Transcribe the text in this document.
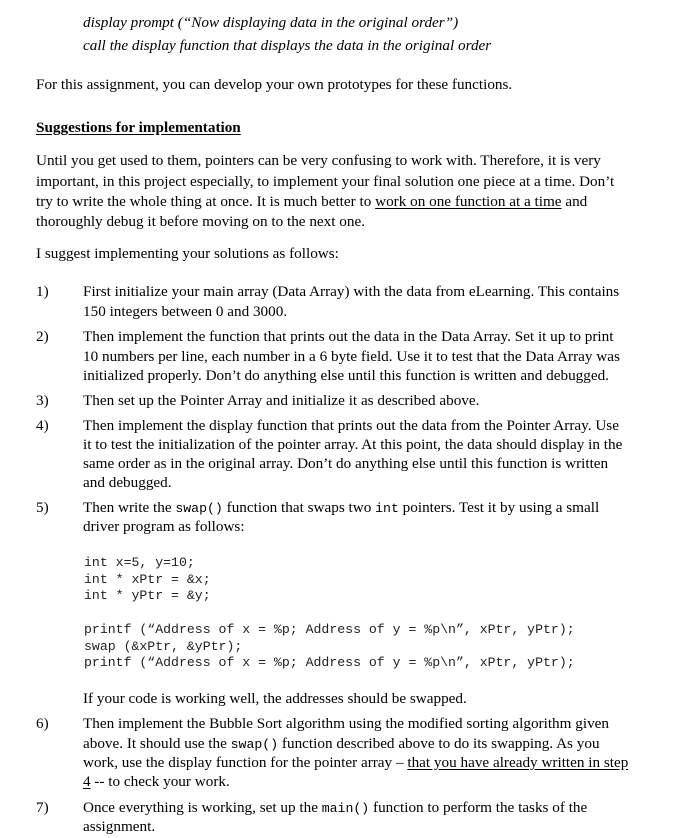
display prompt (“Now displaying data in the original order”)
call the display function that displays the data in the original order
For this assignment, you can develop your own prototypes for these functions.
Suggestions for implementation
Until you get used to them, pointers can be very confusing to work with. Therefore, it is very
important, in this project especially, to implement your final solution one piece at a time. Don’t
try to write the whole thing at once. It is much better to work on one function at a time and
thoroughly debug it before moving on to the next one.
I suggest implementing your solutions as follows:
1) First initialize your main array (Data Array) with the data from eLearning. This contains
150 integers between 0 and 3000.
2) Then implement the function that prints out the data in the Data Array. Set it up to print
10 numbers per line, each number in a 6 byte field. Use it to test that the Data Array was
initialized properly. Don’t do anything else until this function is written and debugged.
3) Then set up the Pointer Array and initialize it as described above.
4) Then implement the display function that prints out the data from the Pointer Array. Use
it to test the initialization of the pointer array. At this point, the data should display in the
same order as in the original array. Don’t do anything else until this function is written
and debugged.
5) Then write the swap() function that swaps two int pointers. Test it by using a small
driver program as follows:
int x=5, y=10;
int * xPtr = &x;
int * yPtr = &y;
printf (“Address of x = %p; Address of y = %p\n”, xPtr, yPtr);
swap (&xPtr, &yPtr);
printf (“Address of x = %p; Address of y = %p\n”, xPtr, yPtr);
If your code is working well, the addresses should be swapped.
6) Then implement the Bubble Sort algorithm using the modified sorting algorithm given
above. It should use the swap() function described above to do its swapping. As you
work, use the display function for the pointer array – that you have already written in step
4 -- to check your work.
7) Once everything is working, set up the main() function to perform the tasks of the
assignment.
